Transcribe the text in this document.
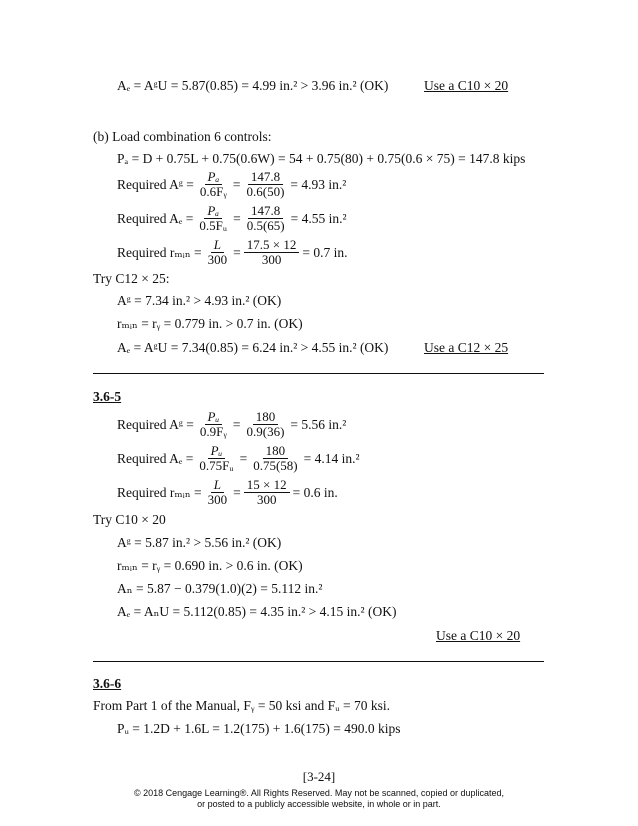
Aₑ = AᵍU = 5.87(0.85) = 4.99 in.² > 3.96 in.² (OK)	Use a C10 × 20
(b) Load combination 6 controls:
Pₐ = D + 0.75L + 0.75(0.6W) = 54 + 0.75(80) + 0.75(0.6 × 75) = 147.8 kips
Required Aᵍ = $\frac{\text{Pₐ}}{\text{0.6Fᵧ}} = \frac{147.8}{0.6(50)} = 4.93$ in.²
Required $A_e = \frac{\text{Pₐ}}{\text{0.5Fᵤ}} = \frac{147.8}{0.5(65)} = 4.55$ in.²
Required rₘᵢₙ = $\frac{L}{300} = \frac{17.5 \times 12}{300} = 0.7$ in.
Try C12 × 25:
Aᵍ = 7.34 in.² > 4.93 in.² (OK)
rₘᵢₙ = rᵧ = 0.779 in. > 0.7 in. (OK)
Aₑ = AᵍU = 7.34(0.85) = 6.24 in.² > 4.55 in.² (OK)	Use a C12 × 25
3.6-5
Required Aᵍ = $\frac{\text{Pᵤ}}{\text{0.9Fᵧ}} = \frac{180}{0.9(36)} = 5.56$ in.²
Required $A_e = \frac{\text{Pᵤ}}{\text{0.75Fᵤ}} = \frac{180}{0.75(58)} = 4.14$ in.²
Required rₘᵢₙ = $\frac{L}{300} = \frac{15 \times 12}{300} = 0.6$ in.
Try C10 × 20
Aᵍ = 5.87 in.² > 5.56 in.² (OK)
rₘᵢₙ = rᵧ = 0.690 in. > 0.6 in. (OK)
Aₙ = 5.87 − 0.379(1.0)(2) = 5.112 in.²
Aₑ = AₙU = 5.112(0.85) = 4.35 in.² > 4.15 in.² (OK)
Use a C10 × 20
3.6-6
From Part 1 of the Manual, Fᵧ = 50 ksi and Fᵤ = 70 ksi.
Pᵤ = 1.2D + 1.6L = 1.2(175) + 1.6(175) = 490.0 kips
[3-24]
© 2018 Cengage Learning®. All Rights Reserved. May not be scanned, copied or duplicated,
or posted to a publicly accessible website, in whole or in part.
